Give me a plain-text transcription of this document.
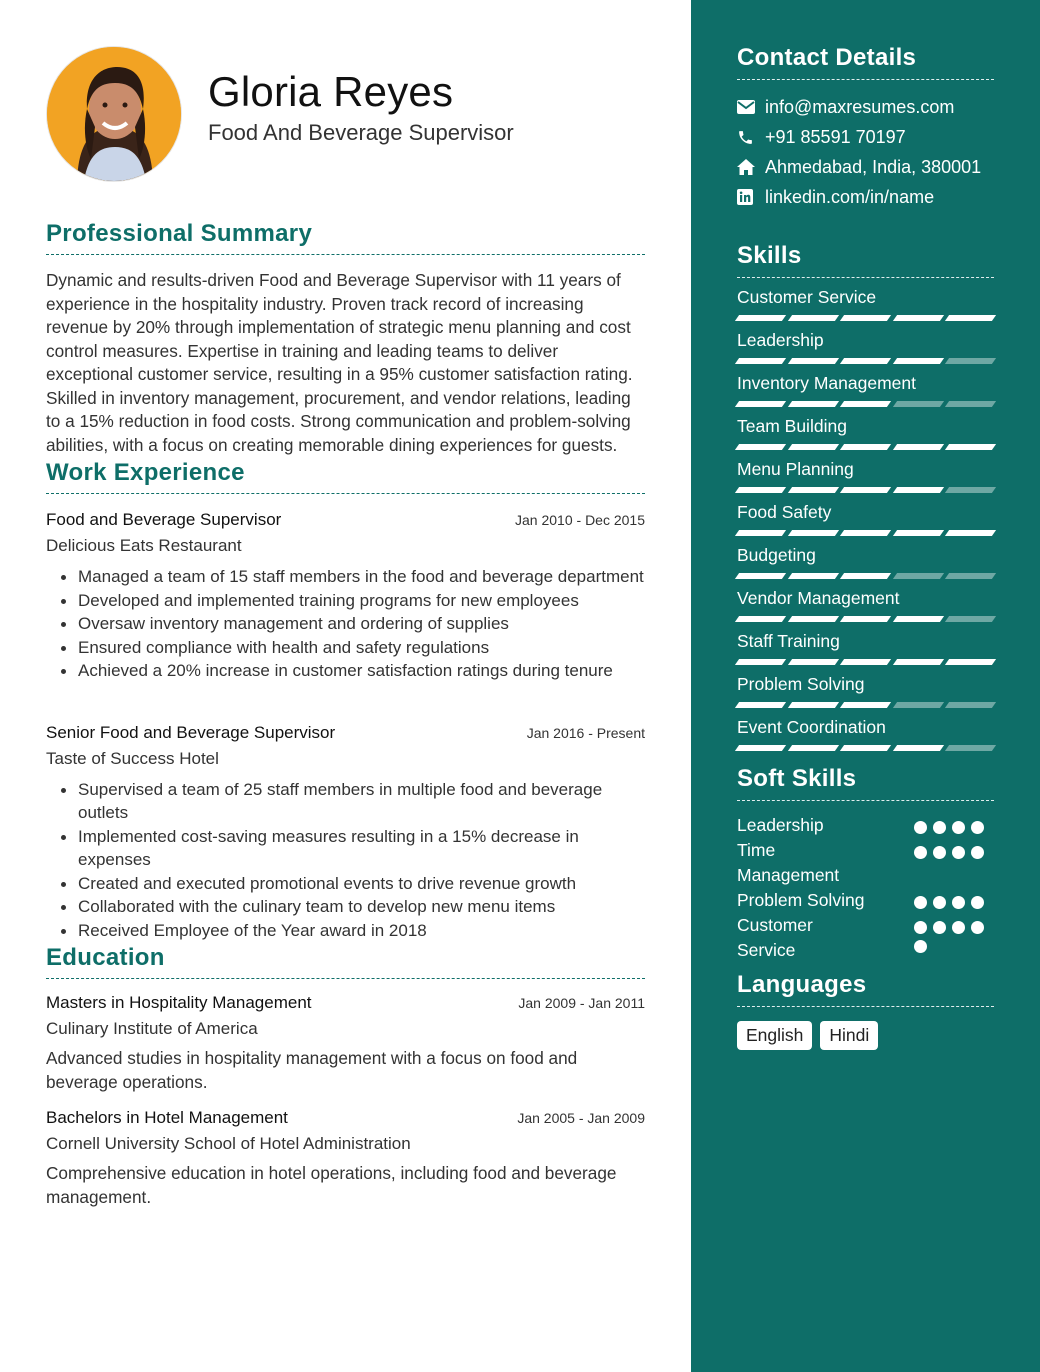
Gloria Reyes
Food And Beverage Supervisor
Professional Summary

Dynamic and results-driven Food and Beverage Supervisor with 11 years of experience in the hospitality industry. Proven track record of increasing revenue by 20% through implementation of strategic menu planning and cost control measures. Expertise in training and leading teams to deliver exceptional customer service, resulting in a 95% customer satisfaction rating. Skilled in inventory management, procurement, and vendor relations, leading to a 15% reduction in food costs. Strong communication and problem-solving abilities, with a focus on creating memorable dining experiences for guests.

Work Experience
Food and Beverage Supervisor	Jan 2010 - Dec 2015
Delicious Eats Restaurant
Managed a team of 15 staff members in the food and beverage department
Developed and implemented training programs for new employees
Oversaw inventory management and ordering of supplies
Ensured compliance with health and safety regulations
Achieved a 20% increase in customer satisfaction ratings during tenure
Senior Food and Beverage Supervisor	Jan 2016 - Present
Taste of Success Hotel
Supervised a team of 25 staff members in multiple food and beverage outlets
Implemented cost-saving measures resulting in a 15% decrease in expenses
Created and executed promotional events to drive revenue growth
Collaborated with the culinary team to develop new menu items
Received Employee of the Year award in 2018
Education
Masters in Hospitality Management	Jan 2009 - Jan 2011
Culinary Institute of America

Advanced studies in hospitality management with a focus on food and beverage operations.

Bachelors in Hotel Management	Jan 2005 - Jan 2009
Cornell University School of Hotel Administration

Comprehensive education in hotel operations, including food and beverage management.

Contact Details
info@maxresumes.com
+91 85591 70197
Ahmedabad, India, 380001
linkedin.com/in/name
Skills
Customer Service
Leadership
Inventory Management
Team Building
Menu Planning
Food Safety
Budgeting
Vendor Management
Staff Training
Problem Solving
Event Coordination
Soft Skills
Leadership
Time Management
Problem Solving
Customer Service
Languages
English	Hindi
